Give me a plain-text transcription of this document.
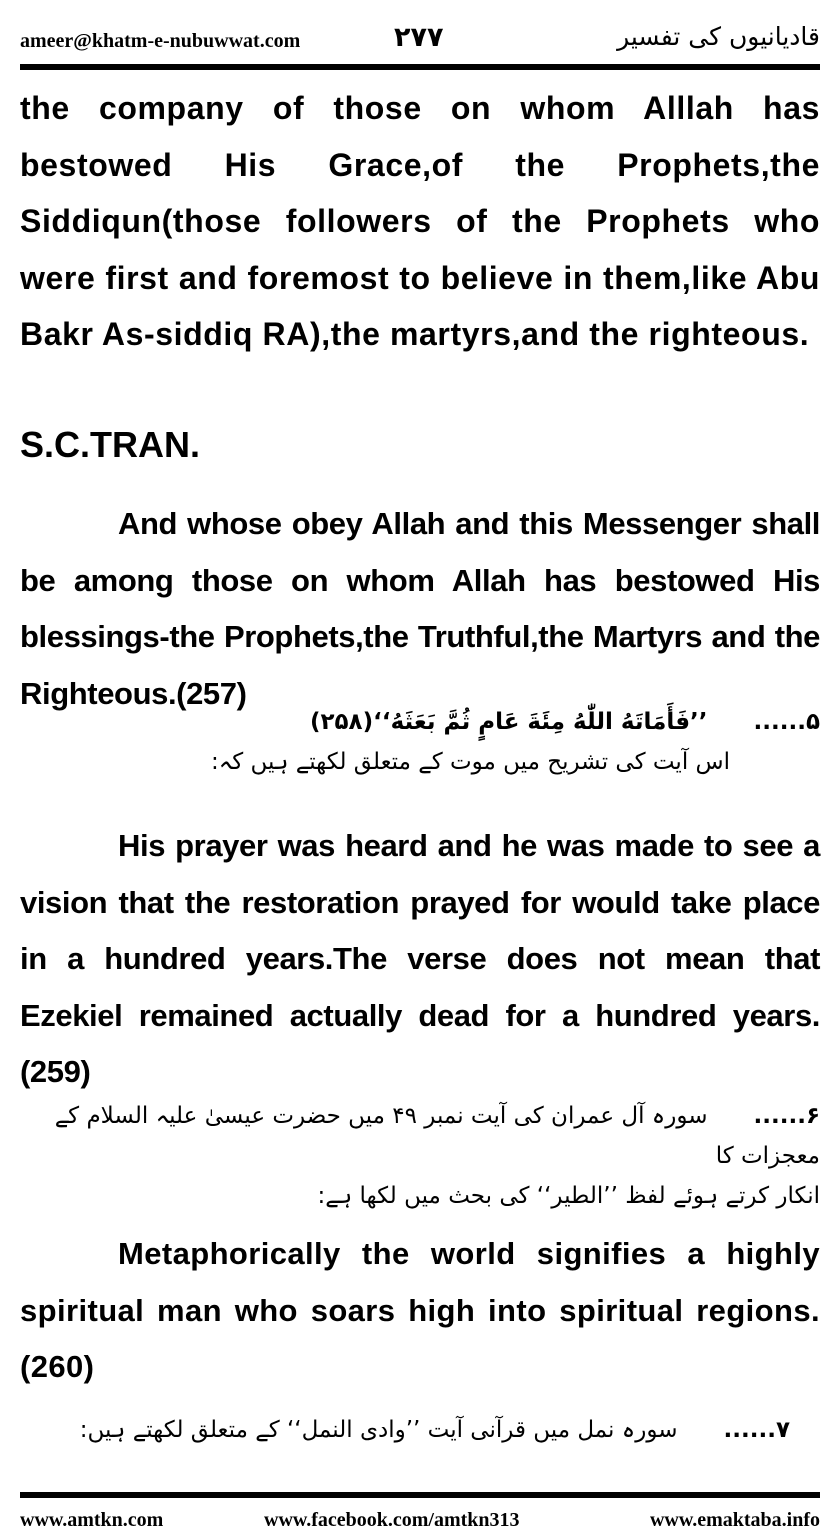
ameer@khatm-e-nubuwwat.com	۲۷۷	قادیانیوں کی تفسیر

the company of those on whom Alllah has bestowed His Grace,of the Prophets,the Siddiqun(those followers of the Prophets who were first and foremost to believe in them,like Abu Bakr As-siddiq RA),the martyrs,and the righteous.

S.C.TRAN.

And whose obey Allah and this Messenger shall be among those on whom Allah has bestowed His blessings-the Prophets,the Truthful,the Martyrs and the Righteous.(257)

۵......’’فَأَمَاتَهُ اللّٰهُ مِئَةَ عَامٍ ثُمَّ بَعَثَهُ‘‘(۲۵۸)
اس آیت کی تشریح میں موت کے متعلق لکھتے ہیں کہ:

His prayer was heard and he was made to see a vision that the restoration prayed for would take place in a hundred years.The verse does not mean that Ezekiel remained actually dead for a hundred years.(259)

۶......سورہ آل عمران کی آیت نمبر ۴۹ میں حضرت عیسیٰ علیہ السلام کے معجزات کا
انکار کرتے ہوئے لفظ ’’الطیر‘‘ کی بحث میں لکھا ہے:

Metaphorically the world signifies a highly spiritual man who soars high into spiritual regions.(260)

۷......سورہ نمل میں قرآنی آیت ’’وادی النمل‘‘ کے متعلق لکھتے ہیں:
www.amtkn.com	www.facebook.com/amtkn313	www.emaktaba.info
